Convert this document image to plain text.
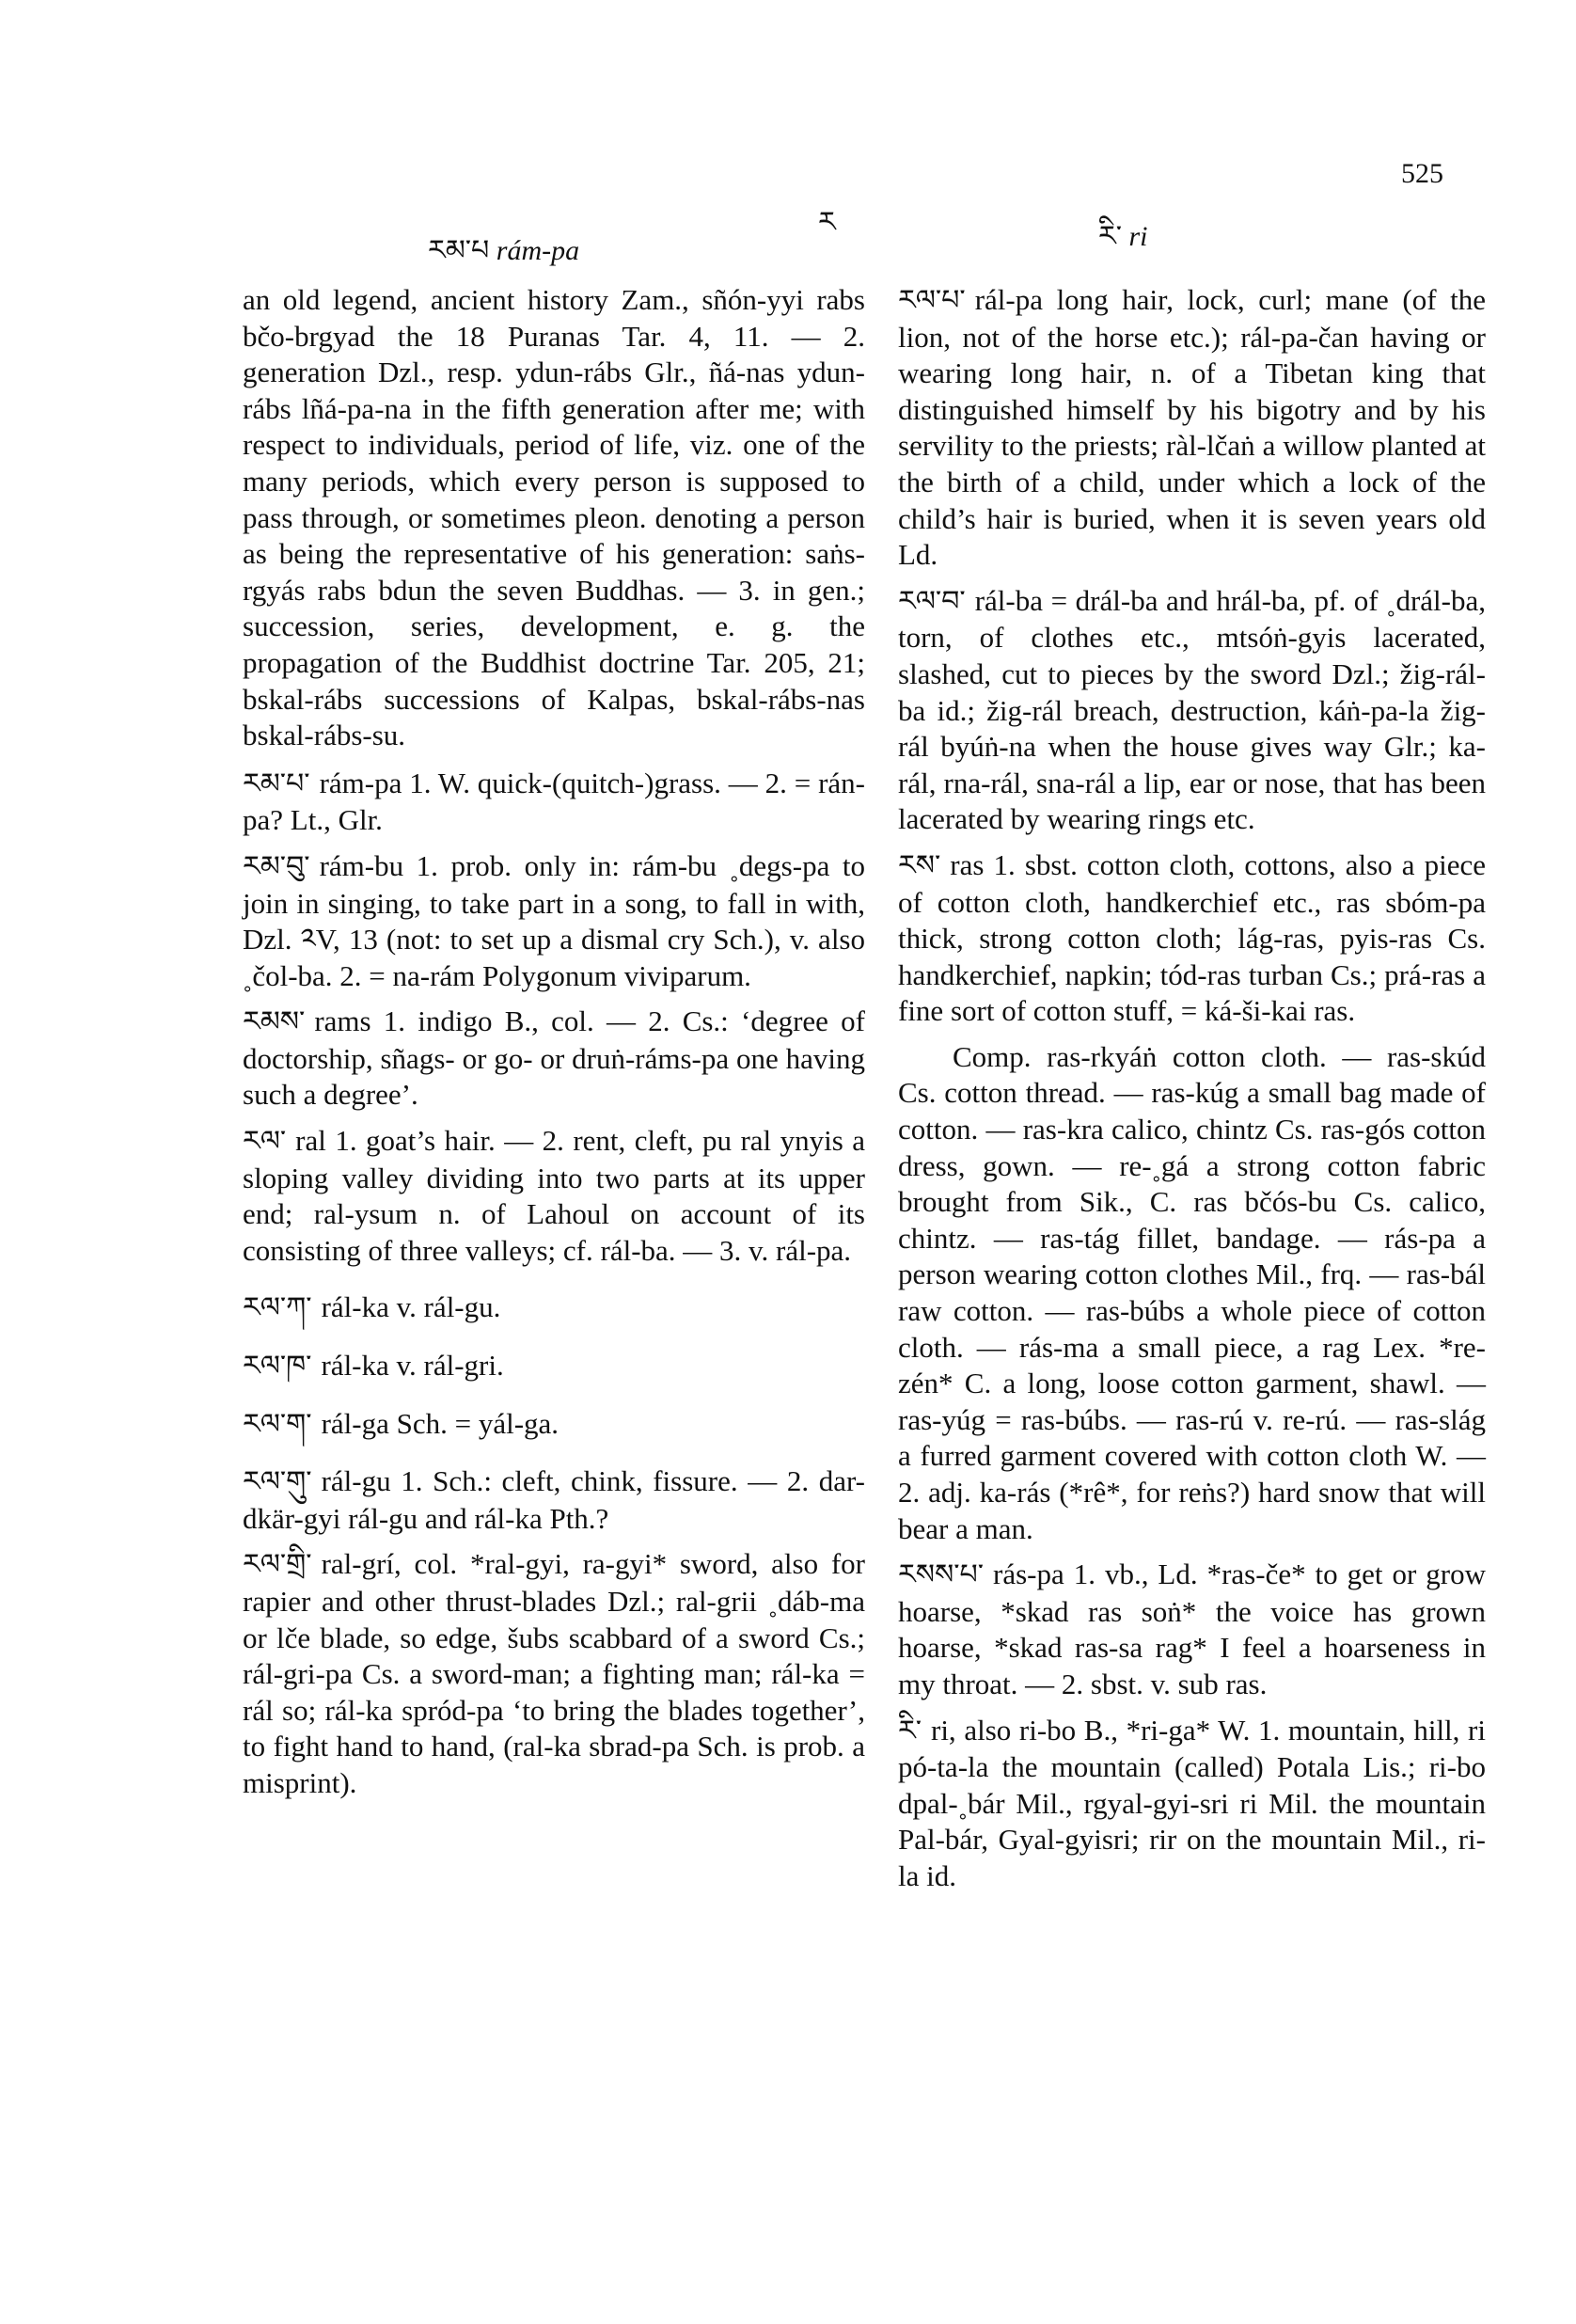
རམ་པ rám-pa
ར	རི་ ri
525

an old legend, ancient history Zam., sñón-yyi rabs bčo-brgyad the 18 Puranas Tar. 4, 11. — 2. generation Dzl., resp. ydun-rábs Glr., ñá-nas ydun-rábs lñá-pa-na in the fifth generation after me; with respect to individuals, period of life, viz. one of the many periods, which every person is supposed to pass through, or sometimes pleon. denoting a person as being the representative of his generation: saṅs-rgyás rabs bdun the seven Buddhas. — 3. in gen.; succession, series, development, e. g. the propagation of the Buddhist doctrine Tar. 205, 21; bskal-rábs successions of Kalpas, bskal-rábs-nas bskal-rábs-su.

རམ་པ་ rám-pa 1. W. quick-(quitch-)grass. — 2. = rán-pa? Lt., Glr.

རམ་བུ་ rám-bu 1. prob. only in: rám-bu ˳degs-pa to join in singing, to take part in a song, to fall in with, Dzl. ༢V, 13 (not: to set up a dismal cry Sch.), v. also ˳čol-ba. 2. = na-rám Polygonum viviparum.

རམས་ rams 1. indigo B., col. — 2. Cs.: ‘degree of doctorship, sñags- or go- or druṅ-ráms-pa one having such a degree’.

རལ་ ral 1. goat’s hair. — 2. rent, cleft, pu ral ynyis a sloping valley dividing into two parts at its upper end; ral-ysum n. of Lahoul on account of its consisting of three valleys; cf. rál-ba. — 3. v. rál-pa.

རལ་ཀ་ rál-ka v. rál-gu.

རལ་ཁ་ rál-ka v. rál-gri.

རལ་ག་ rál-ga Sch. = yál-ga.

རལ་གུ་ rál-gu 1. Sch.: cleft, chink, fissure. — 2. dar-dkär-gyi rál-gu and rál-ka Pth.?

རལ་གྲི་ ral-grí, col. *ral-gyi, ra-gyi* sword, also for rapier and other thrust-blades Dzl.; ral-grii ˳dáb-ma or lče blade, so edge, šubs scabbard of a sword Cs.; rál-gri-pa Cs. a sword-man; a fighting man; rál-ka = rál so; rál-ka spród-pa ‘to bring the blades together’, to fight hand to hand, (ral-ka sbrad-pa Sch. is prob. a misprint).

རལ་པ་ rál-pa long hair, lock, curl; mane (of the lion, not of the horse etc.); rál-pa-čan having or wearing long hair, n. of a Tibetan king that distinguished himself by his bigotry and by his servility to the priests; ràl-lčaṅ a willow planted at the birth of a child, under which a lock of the child’s hair is buried, when it is seven years old Ld.

རལ་བ་ rál-ba = drál-ba and hrál-ba, pf. of ˳drál-ba, torn, of clothes etc., mtsóṅ-gyis lacerated, slashed, cut to pieces by the sword Dzl.; žig-rál-ba id.; žig-rál breach, destruction, káṅ-pa-la žig-rál byúṅ-na when the house gives way Glr.; ka-rál, rna-rál, sna-rál a lip, ear or nose, that has been lacerated by wearing rings etc.

རས་ ras 1. sbst. cotton cloth, cottons, also a piece of cotton cloth, handkerchief etc., ras sbóm-pa thick, strong cotton cloth; lág-ras, pyis-ras Cs. handkerchief, napkin; tód-ras turban Cs.; prá-ras a fine sort of cotton stuff, = ká-ši-kai ras.

Comp. ras-rkyáṅ cotton cloth. — ras-skúd Cs. cotton thread. — ras-kúg a small bag made of cotton. — ras-kra calico, chintz Cs. ras-gós cotton dress, gown. — re-˳gá a strong cotton fabric brought from Sik., C. ras bčós-bu Cs. calico, chintz. — ras-tág fillet, bandage. — rás-pa a person wearing cotton clothes Mil., frq. — ras-bál raw cotton. — ras-búbs a whole piece of cotton cloth. — rás-ma a small piece, a rag Lex. *re-zén* C. a long, loose cotton garment, shawl. — ras-yúg = ras-búbs. — ras-rú v. re-rú. — ras-slág a furred garment covered with cotton cloth W. — 2. adj. ka-rás (*rê*, for reṅs?) hard snow that will bear a man.

རསས་པ་ rás-pa 1. vb., Ld. *ras-če* to get or grow hoarse, *skad ras soṅ* the voice has grown hoarse, *skad ras-sa rag* I feel a hoarseness in my throat. — 2. sbst. v. sub ras.

རི་ ri, also ri-bo B., *ri-ga* W. 1. mountain, hill, ri pó-ta-la the mountain (called) Potala Lis.; ri-bo dpal-˳bár Mil., rgyal-gyi-sri ri Mil. the mountain Pal-bár, Gyal-gyisri; rir on the mountain Mil., ri-la id.
